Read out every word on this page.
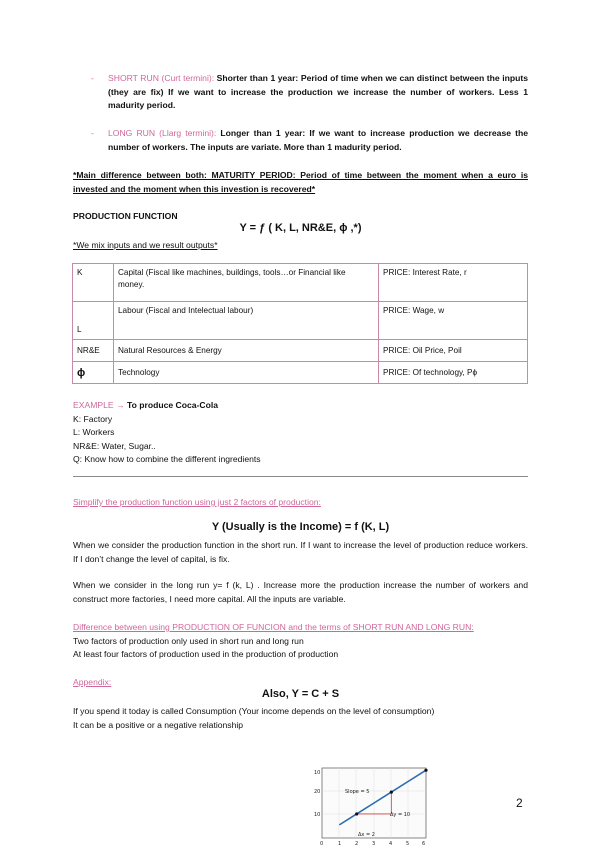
- SHORT RUN (Curt termini): Shorter than 1 year: Period of time when we can distinct between the inputs (they are fix) If we want to increase the production we increase the number of workers. Less 1 madurity period.
- LONG RUN (Llarg termini): Longer than 1 year: If we want to increase production we decrease the number of workers. The inputs are variate. More than 1 madurity period.
*Main difference between both: MATURITY PERIOD: Period of time between the moment when a euro is invested and the moment when this investion is recovered*
PRODUCTION FUNCTION
Y = ƒ ( K, L, NR&E, ϕ ,*)
*We mix inputs and we result outputs*
K	Capital (Fiscal like machines, buildings, tools…or Financial like money.	PRICE: Interest Rate, r
L	Labour (Fiscal and Intelectual labour)	PRICE: Wage, w
NR&E	Natural Resources & Energy	PRICE: Oil Price, Poil
ϕ	Technology	PRICE: Of technology, Pϕ
EXAMPLE → To produce Coca-Cola
K: Factory
L: Workers
NR&E: Water, Sugar..
Q: Know how to combine the different ingredients
Simplify the production function using just 2 factors of production:
Y (Usually is the Income) = f (K, L)
When we consider the production function in the short run. If I want to increase the level of production reduce workers. If I don’t change the level of capital, is fix.
When we consider in the long run y= f (k, L) . Increase more the production increase the number of workers and construct more factories, I need more capital. All the inputs are variable.
Difference between using PRODUCTION OF FUNCION and the terms of SHORT RUN AND LONG RUN:
Two factors of production only used in short run and long run
At least four factors of production used in the production of production
Appendix:
Also, Y = C + S
If you spend it today is called Consumption (Your income depends on the level of consumption)
It can be a positive or a negative relationship
10
20
10
0	1	2	3	4	5	6
Slope = 5
Δy = 10
Δx = 2
2
